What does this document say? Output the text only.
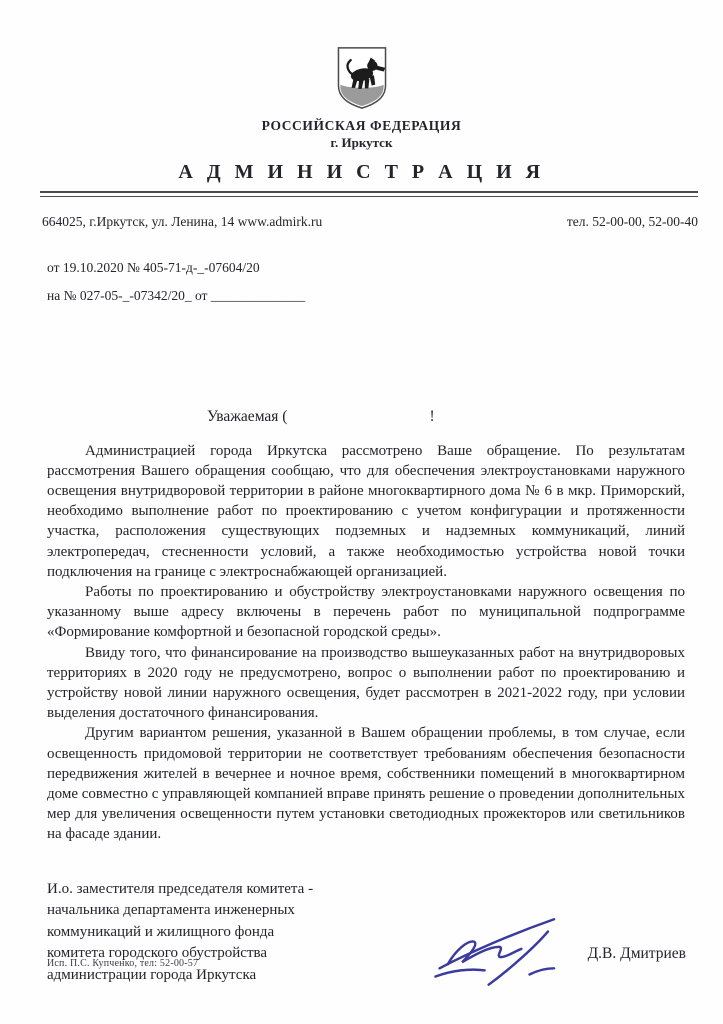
РОССИЙСКАЯ ФЕДЕРАЦИЯ
г. Иркутск
А Д М И Н И С Т Р А Ц И Я
664025, г.Иркутск, ул. Ленина, 14 www.admirk.ru	тел. 52-00-00, 52-00-40
от 19.10.2020 № 405-71-д-_-07604/20
на № 027-05-_-07342/20_ от ______________
Уважаемая (	!

Администрацией города Иркутска рассмотрено Ваше обращение. По результатам рассмотрения Вашего обращения сообщаю, что для обеспечения электроустановками наружного освещения внутридворовой территории в районе многоквартирного дома № 6 в мкр. Приморский, необходимо выполнение работ по проектированию с учетом конфигурации и протяженности участка, расположения существующих подземных и надземных коммуникаций, линий электропередач, стесненности условий, а также необходимостью устройства новой точки подключения на границе с электроснабжающей организацией.

Работы по проектированию и обустройству электроустановками наружного освещения по указанному выше адресу включены в перечень работ по муниципальной подпрограмме «Формирование комфортной и безопасной городской среды».

Ввиду того, что финансирование на производство вышеуказанных работ на внутридворовых территориях в 2020 году не предусмотрено, вопрос о выполнении работ по проектированию и устройству новой линии наружного освещения, будет рассмотрен в 2021-2022 году, при условии выделения достаточного финансирования.

Другим вариантом решения, указанной в Вашем обращении проблемы, в том случае, если освещенность придомовой территории не соответствует требованиям обеспечения безопасности передвижения жителей в вечернее и ночное время, собственники помещений в многоквартирном доме совместно с управляющей компанией вправе принять решение о проведении дополнительных мер для увеличения освещенности путем установки светодиодных прожекторов или светильников на фасаде здании.

И.о. заместителя председателя комитета -
начальника департамента инженерных
коммуникаций и жилищного фонда
комитета городского обустройства
администрации города Иркутска
Д.В. Дмитриев
Исп. П.С. Купченко, тел: 52-00-57
